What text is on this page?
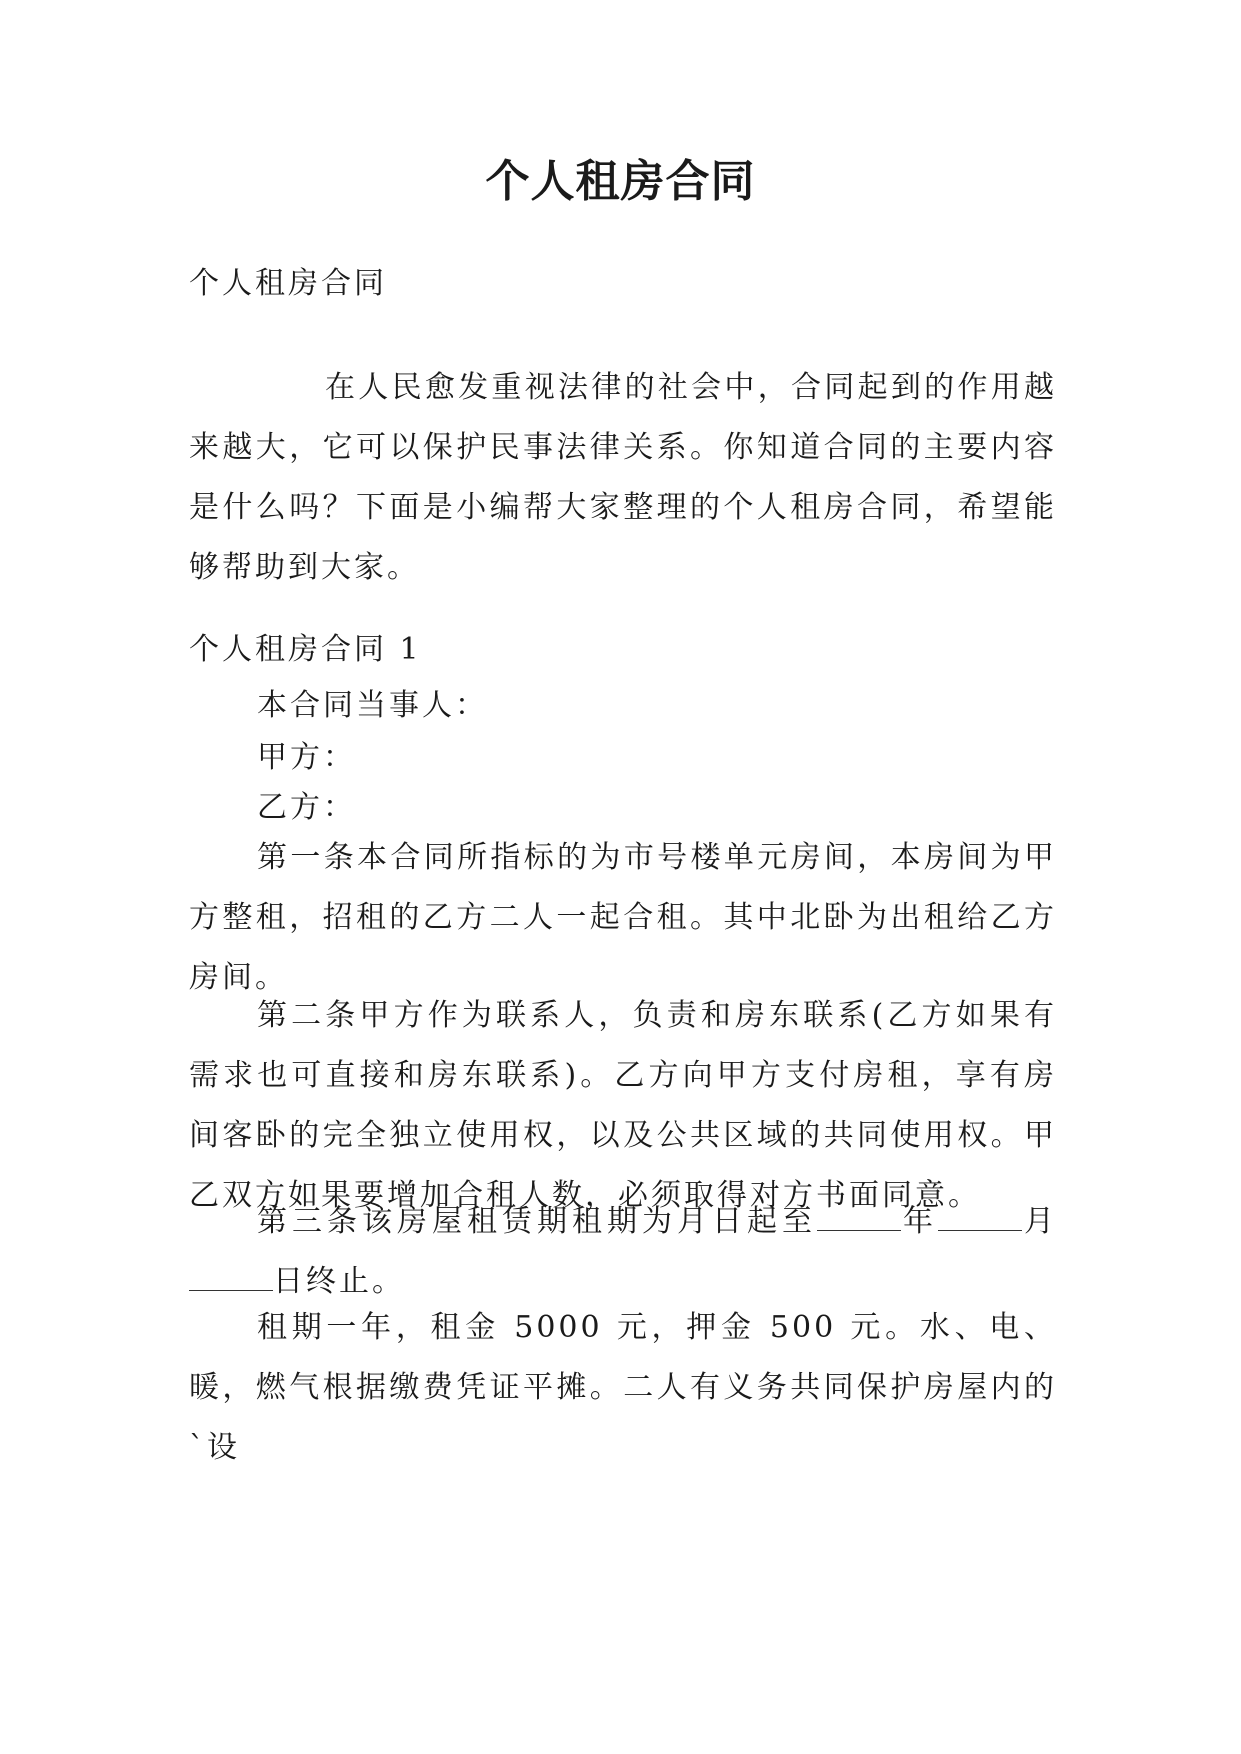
个人租房合同

个人租房合同

在人民愈发重视法律的社会中，合同起到的作用越来越大，它可以保护民事法律关系。你知道合同的主要内容是什么吗？下面是小编帮大家整理的个人租房合同，希望能够帮助到大家。

个人租房合同 1

本合同当事人：

甲方：

乙方：

第一条本合同所指标的为市号楼单元房间，本房间为甲方整租，招租的乙方二人一起合租。其中北卧为出租给乙方房间。

第二条甲方作为联系人，负责和房东联系(乙方如果有需求也可直接和房东联系)。乙方向甲方支付房租，享有房间客卧的完全独立使用权，以及公共区域的共同使用权。甲乙双方如果要增加合租人数，必须取得对方书面同意。

第三条该房屋租赁期租期为月日起至	年	月日终止。

租期一年，租金 5000 元，押金 500 元。水、电、暖，燃气根据缴费凭证平摊。二人有义务共同保护房屋内的`设
